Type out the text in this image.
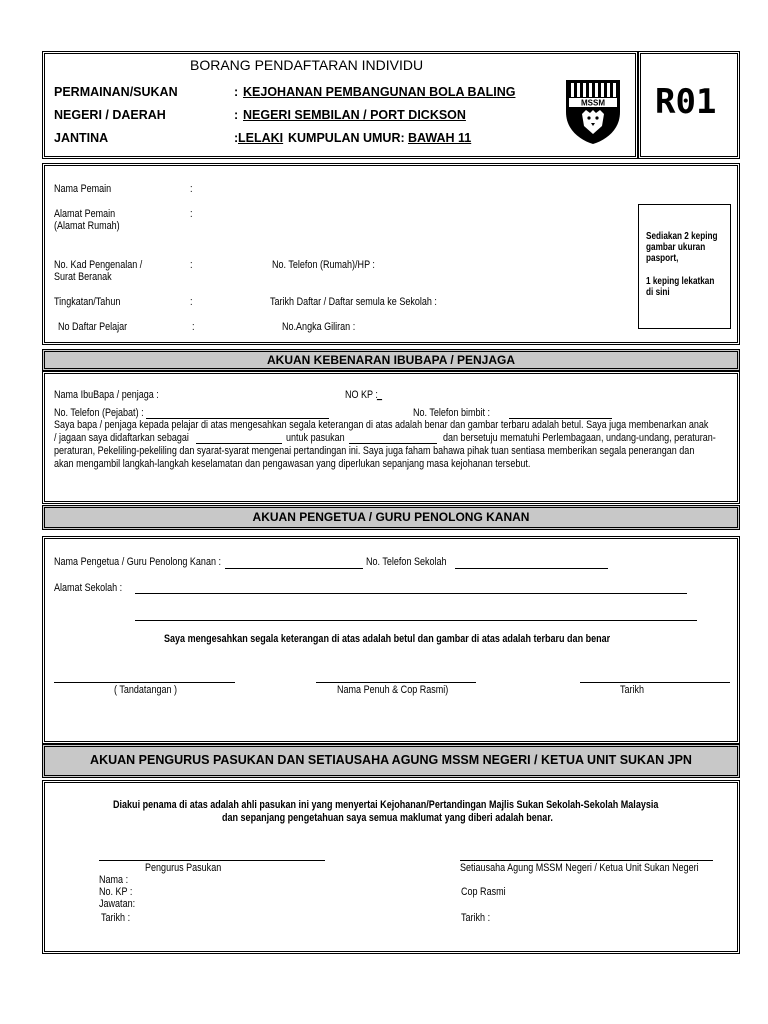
BORANG PENDAFTARAN INDIVIDU
PERMAINAN/SUKAN	: KEJOHANAN PEMBANGUNAN BOLA BALING
NEGERI / DAERAH	: NEGERI SEMBILAN / PORT DICKSON
JANTINA	: LELAKI KUMPULAN UMUR: BAWAH 11
MSSM R01
Nama Pemain	:
Alamat Pemain
(Alamat Rumah)
:
No. Kad Pengenalan /
Surat Beranak
:	No. Telefon (Rumah)/HP :
Tingkatan/Tahun	:	Tarikh Daftar / Daftar semula ke Sekolah :
No Daftar Pelajar	:	No.Angka Giliran :
Sediakan 2 keping
gambar ukuran
pasport,
1 keping lekatkan
di sini
AKUAN KEBENARAN IBUBAPA / PENJAGA
Nama IbuBapa / penjaga :	NO KP : _
No. Telefon (Pejabat) :	No. Telefon bimbit :
Saya bapa / penjaga kepada pelajar di atas mengesahkan segala keterangan di atas adalah benar dan gambar terbaru adalah betul. Saya juga membenarkan anak
/ jagaan saya didaftarkan sebagai	untuk pasukan	dan bersetuju mematuhi Perlembagaan, undang-undang, peraturan-
peraturan, Pekeliling-pekeliling dan syarat-syarat mengenai pertandingan ini. Saya juga faham bahawa pihak tuan sentiasa memberikan segala penerangan dan
akan mengambil langkah-langkah keselamatan dan pengawasan yang diperlukan sepanjang masa kejohanan tersebut.
AKUAN PENGETUA / GURU PENOLONG KANAN
Nama Pengetua / Guru Penolong Kanan :	No. Telefon Sekolah
Alamat Sekolah :
Saya mengesahkan segala keterangan di atas adalah betul dan gambar di atas adalah terbaru dan benar
( Tandatangan )	Nama Penuh & Cop Rasmi)	Tarikh
AKUAN PENGURUS PASUKAN DAN SETIAUSAHA AGUNG MSSM NEGERI / KETUA UNIT SUKAN JPN
Diakui penama di atas adalah ahli pasukan ini yang menyertai Kejohanan/Pertandingan Majlis Sukan Sekolah-Sekolah Malaysia
dan sepanjang pengetahuan saya semua maklumat yang diberi adalah benar.
Pengurus Pasukan
Nama :
No. KP :
Jawatan:
Tarikh :
Setiausaha Agung MSSM Negeri / Ketua Unit Sukan Negeri
Cop Rasmi
Tarikh :
